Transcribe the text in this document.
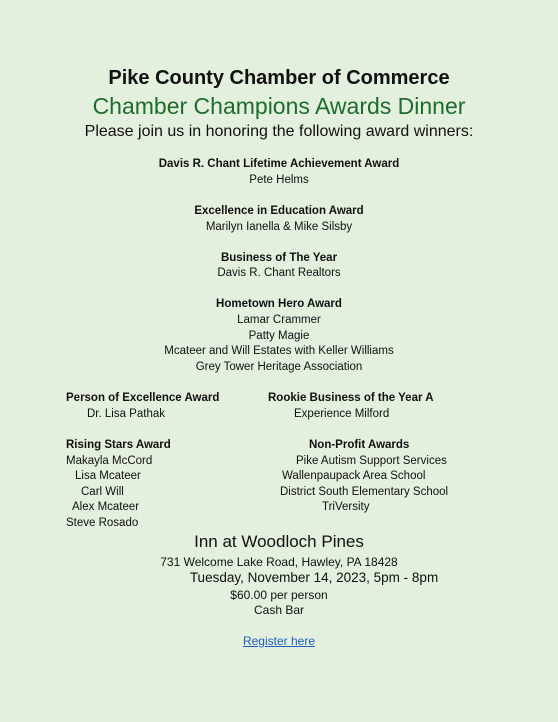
Pike County Chamber of Commerce
Chamber Champions Awards Dinner
Please join us in honoring the following award winners:
Davis R. Chant Lifetime Achievement Award
Pete Helms
Excellence in Education Award
Marilyn Ianella & Mike Silsby
Business of The Year
Davis R. Chant Realtors
Hometown Hero Award
Lamar Crammer
Patty Magie
Mcateer and Will Estates with Keller Williams
Grey Tower Heritage Association
Person of Excellence Award
Dr. Lisa Pathak
Rookie Business of the Year A
Experience Milford
Rising Stars Award
Makayla McCord
Lisa Mcateer
Carl Will
Alex Mcateer
Steve Rosado
Non-Profit Awards
Pike Autism Support Services
Wallenpaupack Area School
District South Elementary School
TriVersity
Inn at Woodloch Pines
731 Welcome Lake Road, Hawley, PA 18428
Tuesday, November 14, 2023, 5pm - 8pm
$60.00 per person
Cash Bar
Register here
